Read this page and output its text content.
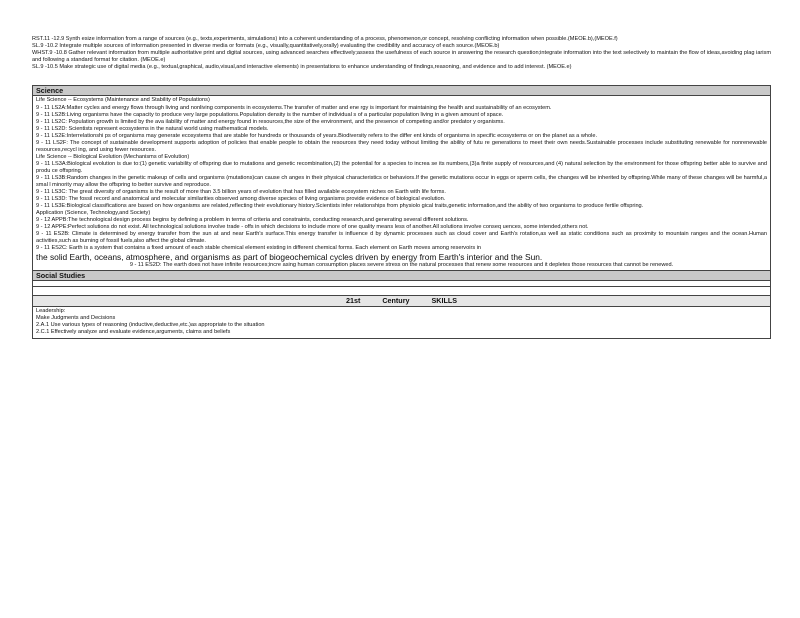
RST.11 -12.9 Synth esize information from a range of sources (e.g., texts,experiments, simulations) into a coherent understanding of a process, phenomenon,or concept, resolving conflicting information when possible.(MEOE.b),(MEOE.f)
SL.9 -10.2 Integrate multiple sources of information presented in diverse media or formats (e.g., visually,quantitatively,orally) evaluating the credibility and accuracy of each source.(MEOE.b)
WHST.9 -10.8 Gather relevant information from multiple authoritative print and digital sources, using advanced searches effectively;assess the usefulness of each source in answering the research question;integrate information into the text selectively to maintain the flow of ideas,avoiding plag iarism and following a standard format for citation. (MEOE.e)
SL.9 -10.5 Make strategic use of digital media (e.g., textual,graphical, audio,visual,and interactive elements) in presentations to enhance understanding of findings,reasoning, and evidence and to add interest. (MEOE.e)
Science
Life Science -- Ecosystems (Maintenance and Stability of Populations)
9 - 11 LS2A:Matter cycles and energy flows through living and nonliving components in ecosystems.The transfer of matter and ene rgy is important for maintaining the health and sustainability of an ecosystem.
9 - 11 LS2B:Living organisms have the capacity to produce very large populations.Population density is the number of individual s of a particular population living in a given amount of space.
9 - 11 LS2C: Population growth is limited by the ava ilability of matter and energy found in resources,the size of the environment, and the presence of competing and/or predator y organisms.
9 - 11 LS2D: Scientists represent ecosystems in the natural world using mathematical models.
9 - 11 LS2E:Interrelationshi ps of organisms may generate ecosystems that are stable for hundreds or thousands of years.Biodiversity refers to the differ ent kinds of organisms in specific ecosystems or on the planet as a whole.
9 - 11 LS2F: The concept of sustainable development supports adoption of policies that enable people to obtain the resources they need today without limiting the ability of futu re generations to meet their own needs.Sustainable processes include substituting renewable for nonrenewable resources,recycl ing, and using fewer resources.
Life Science -- Biological Evolution (Mechanisms of Evolution)
9 - 11 LS3A:Biological evolution is due to:(1) genetic variability of offspring due to mutations and genetic recombination,(2) the potential for a species to increa se its numbers,(3)a finite supply of resources,and (4) natural selection by the environment for those offspring better able to survive and produ ce offspring.
9 - 11 LS3B:Random changes in the genetic makeup of cells and organisms (mutations)can cause ch anges in their physical characteristics or behaviors.If the genetic mutations occur in eggs or sperm cells, the changes will be inherited by offspring.While many of these changes will be harmful,a smal l minority may allow the offspring to better survive and reproduce.
9 - 11 LS3C: The great diversity of organisms is the result of more than 3.5 billion years of evolution that has filled available ecosystem niches on Earth with life forms.
9 - 11 LS3D: The fossil record and anatomical and molecular similarities observed among diverse species of living organisms provide evidence of biological evolution.
9 - 11 LS3E:Biological classifications are based on how organisms are related,reflecting their evolutionary history.Scientists infer relationships from physiolo gical traits,genetic information,and the ability of two organisms to produce fertile offspring.
Application (Science, Technology,and Society)
9 - 12 APPB:The technological design process begins by defining a problem in terms of criteria and constraints, conducting research,and generating several different solutions.
9 - 12 APPE:Perfect solutions do not exist. All technological solutions involve trade - offs in which decisions to include more of one quality means less of another.All solutions involve conseq uences, some intended,others not.
9 - 11 ES2B: Climate is determined by energy transfer from the sun at and near Earth's surface.This energy transfer is influence d by dynamic processes such as cloud cover and Earth's rotation,as well as static conditions such as proximity to mountain ranges and the ocean.Human activities,such as burning of fossil fuels,also affect the global climate.
9 - 11 ES2C: Earth is a system that contains a fixed amount of each stable chemical element existing in different chemical forms. Each element on Earth moves among reservoirs in
the solid Earth, oceans, atmosphere, and organisms as part of biogeochemical cycles driven by energy from Earth's interior and the Sun.
9 - 11 ES2D: The earth does not have infinite resources;incre asing human consumption places severe stress on the natural processes that renew some resources and it depletes those resources that cannot be renewed.
Social Studies
21st Century SKILLS
Leadership:
Make Judgments and Decisions
2.A.1 Use various types of reasoning (inductive,deductive,etc.)as appropriate to the situation
2.C.1 Effectively analyze and evaluate evidence,arguments, claims and beliefs
